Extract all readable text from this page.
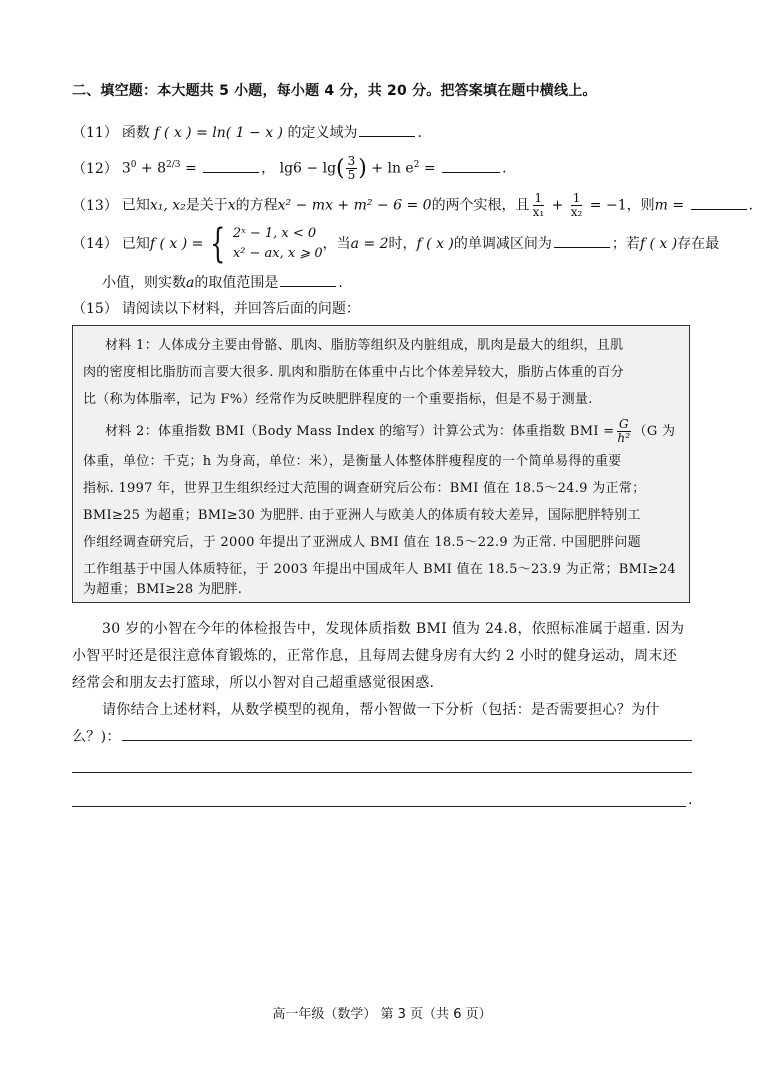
二、填空题：本大题共 5 小题，每小题 4 分，共 20 分。把答案填在题中横线上。
（11） 函数 f ( x ) = ln( 1 − x ) 的定义域为	.
（12） $3^0 + 8^{2/3}$ =	， $\lg 6 - \lg( \frac{3}{5}$ ) + $\ln e^2$ =	.
（13） 已知x₁, x₂是关于x的方程x² − mx + m² − 6 = 0的两个实根，且 $\frac{1}{\text{x₁}} + \frac{1}{\text{x₂}} = -1$，则m =	.
（14） 已知f ( x ) = { 2ˣ − 1, x < 0
x² − ax, x ⩾ 0
，当a = 2时，f ( x )的单调减区间为	；若f ( x )存在最
小值，则实数a的取值范围是	.
（15） 请阅读以下材料，并回答后面的问题：
材料 1：人体成分主要由骨骼、肌肉、脂肪等组织及内脏组成，肌肉是最大的组织，且肌
肉的密度相比脂肪而言要大很多. 肌肉和脂肪在体重中占比个体差异较大，脂肪占体重的百分
比（称为体脂率，记为 F%）经常作为反映肥胖程度的一个重要指标，但是不易于测量.
材料 2：体重指数 BMI（Body Mass Index 的缩写）计算公式为：体重指数 BMI = $\frac{G}{\text{h²}} (G$ 为
体重，单位：千克；h 为身高，单位：米），是衡量人体整体胖瘦程度的一个简单易得的重要
指标. 1997 年，世界卫生组织经过大范围的调查研究后公布：BMI 值在 18.5～24.9 为正常；
BMI≥25 为超重；BMI≥30 为肥胖. 由于亚洲人与欧美人的体质有较大差异，国际肥胖特别工
作组经调查研究后，于 2000 年提出了亚洲成人 BMI 值在 18.5～22.9 为正常. 中国肥胖问题
工作组基于中国人体质特征，于 2003 年提出中国成年人 BMI 值在 18.5～23.9 为正常；BMI≥24
为超重；BMI≥28 为肥胖.
30 岁的小智在今年的体检报告中，发现体质指数 BMI 值为 24.8，依照标准属于超重. 因为
小智平时还是很注意体育锻炼的，正常作息，且每周去健身房有大约 2 小时的健身运动，周末还
经常会和朋友去打篮球，所以小智对自己超重感觉很困惑.
请你结合上述材料，从数学模型的视角，帮小智做一下分析（包括：是否需要担心？为什
么？)：
.
高一年级（数学） 第 3 页（共 6 页）
